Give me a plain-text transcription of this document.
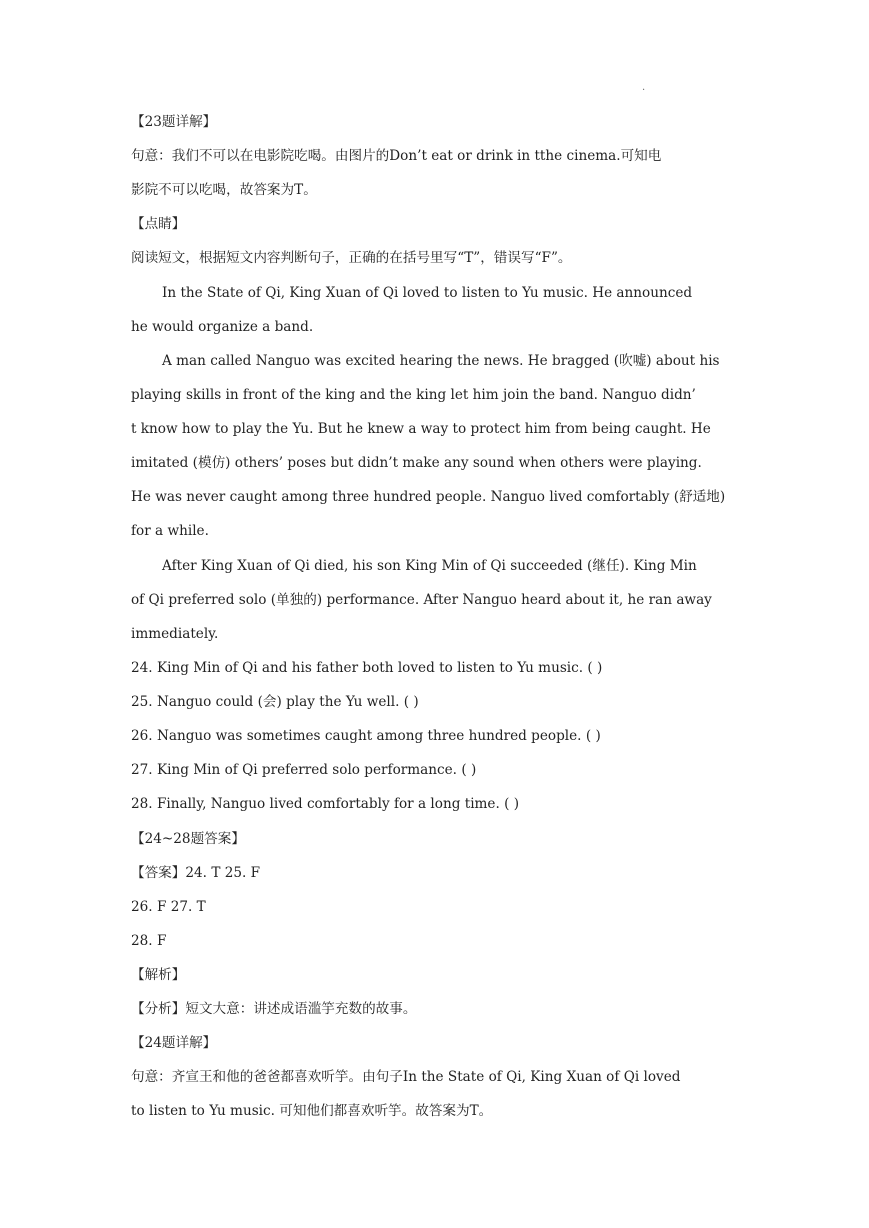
.
【23题详解】
句意：我们不可以在电影院吃喝。由图片的Don’t eat or drink in tthe cinema.可知电
影院不可以吃喝，故答案为T。
【点睛】
阅读短文，根据短文内容判断句子，正确的在括号里写“T”，错误写“F”。
In the State of Qi, King Xuan of Qi loved to listen to Yu music. He announced
he would organize a band.
A man called Nanguo was excited hearing the news. He bragged (吹嘘) about his
playing skills in front of the king and the king let him join the band. Nanguo didn’
t know how to play the Yu. But he knew a way to protect him from being caught. He
imitated (模仿) others’ poses but didn’t make any sound when others were playing.
He was never caught among three hundred people. Nanguo lived comfortably (舒适地)
for a while.
After King Xuan of Qi died, his son King Min of Qi succeeded (继任). King Min
of Qi preferred solo (单独的) performance. After Nanguo heard about it, he ran away
immediately.
24. King Min of Qi and his father both loved to listen to Yu music. ( )
25. Nanguo could (会) play the Yu well. ( )
26. Nanguo was sometimes caught among three hundred people. ( )
27. King Min of Qi preferred solo performance. ( )
28. Finally, Nanguo lived comfortably for a long time. ( )
【24~28题答案】
【答案】24. T 25. F
26. F 27. T
28. F
【解析】
【分析】短文大意：讲述成语滥竽充数的故事。
【24题详解】
句意：齐宣王和他的爸爸都喜欢听竽。由句子In the State of Qi, King Xuan of Qi loved
to listen to Yu music. 可知他们都喜欢听竽。故答案为T。
